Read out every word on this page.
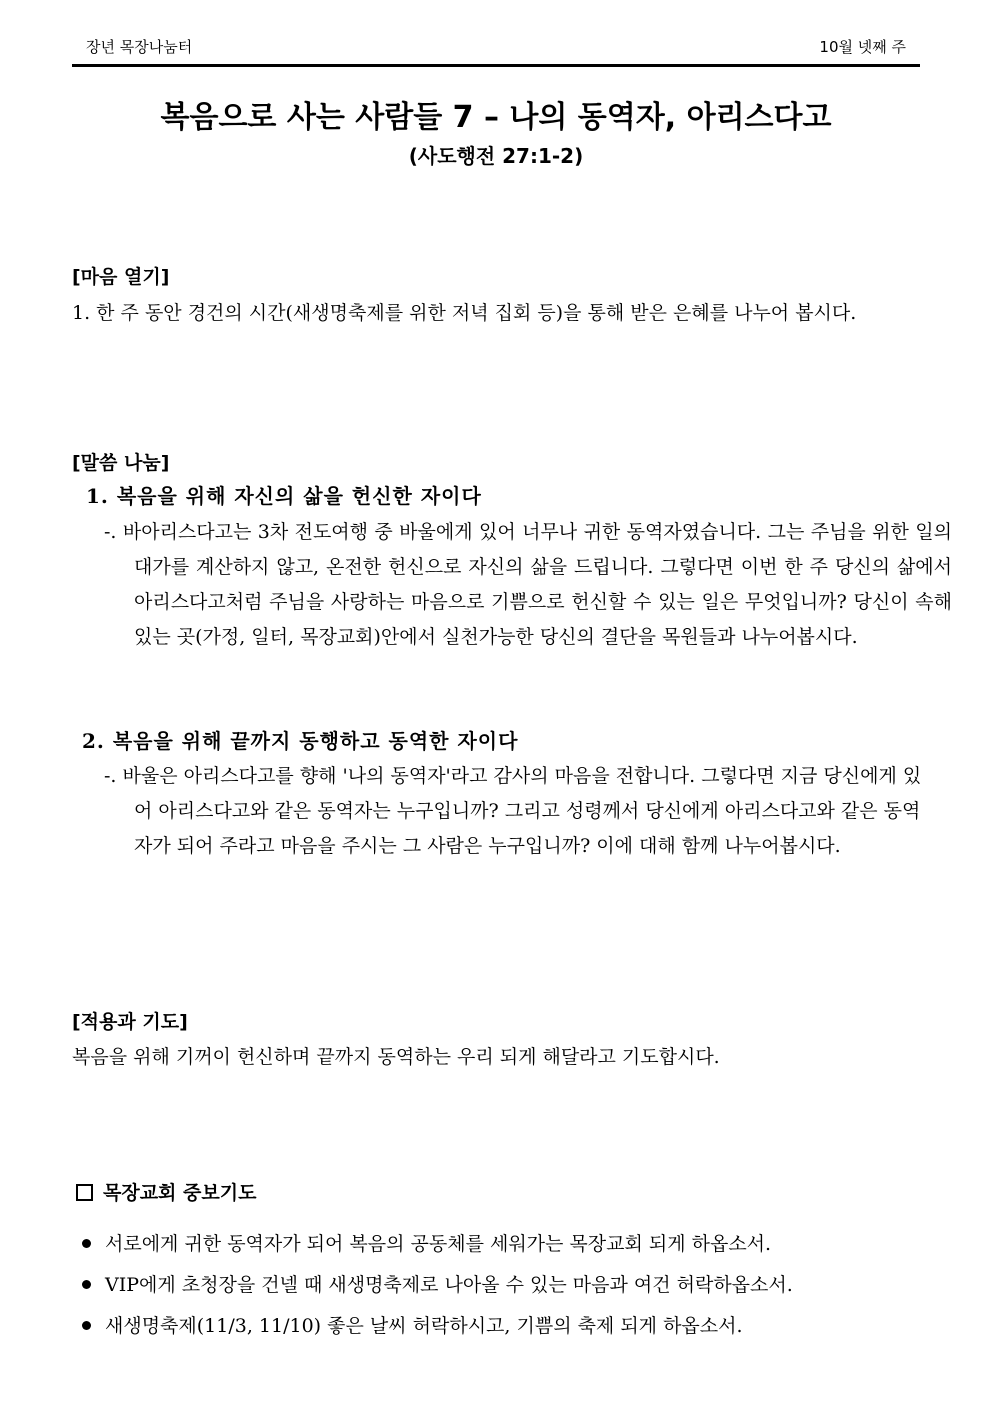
장년 목장나눔터	10월 넷째 주
복음으로 사는 사람들 7 – 나의 동역자, 아리스다고
(사도행전 27:1-2)
[마음 열기]
1. 한 주 동안 경건의 시간(새생명축제를 위한 저녁 집회 등)을 통해 받은 은혜를 나누어 봅시다.
[말씀 나눔]
1. 복음을 위해 자신의 삶을 헌신한 자이다
-. 바아리스다고는 3차 전도여행 중 바울에게 있어 너무나 귀한 동역자였습니다. 그는 주님을 위한 일의 대가를 계산하지 않고, 온전한 헌신으로 자신의 삶을 드립니다. 그렇다면 이번 한 주 당신의 삶에서 아리스다고처럼 주님을 사랑하는 마음으로 기쁨으로 헌신할 수 있는 일은 무엇입니까? 당신이 속해 있는 곳(가정, 일터, 목장교회)안에서 실천가능한 당신의 결단을 목원들과 나누어봅시다.
2. 복음을 위해 끝까지 동행하고 동역한 자이다
-. 바울은 아리스다고를 향해 '나의 동역자'라고 감사의 마음을 전합니다. 그렇다면 지금 당신에게 있어 아리스다고와 같은 동역자는 누구입니까? 그리고 성령께서 당신에게 아리스다고와 같은 동역자가 되어 주라고 마음을 주시는 그 사람은 누구입니까? 이에 대해 함께 나누어봅시다.
[적용과 기도]
복음을 위해 기꺼이 헌신하며 끝까지 동역하는 우리 되게 해달라고 기도합시다.
목장교회 중보기도
서로에게 귀한 동역자가 되어 복음의 공동체를 세워가는 목장교회 되게 하옵소서.
VIP에게 초청장을 건넬 때 새생명축제로 나아올 수 있는 마음과 여건 허락하옵소서.
새생명축제(11/3, 11/10) 좋은 날씨 허락하시고, 기쁨의 축제 되게 하옵소서.
